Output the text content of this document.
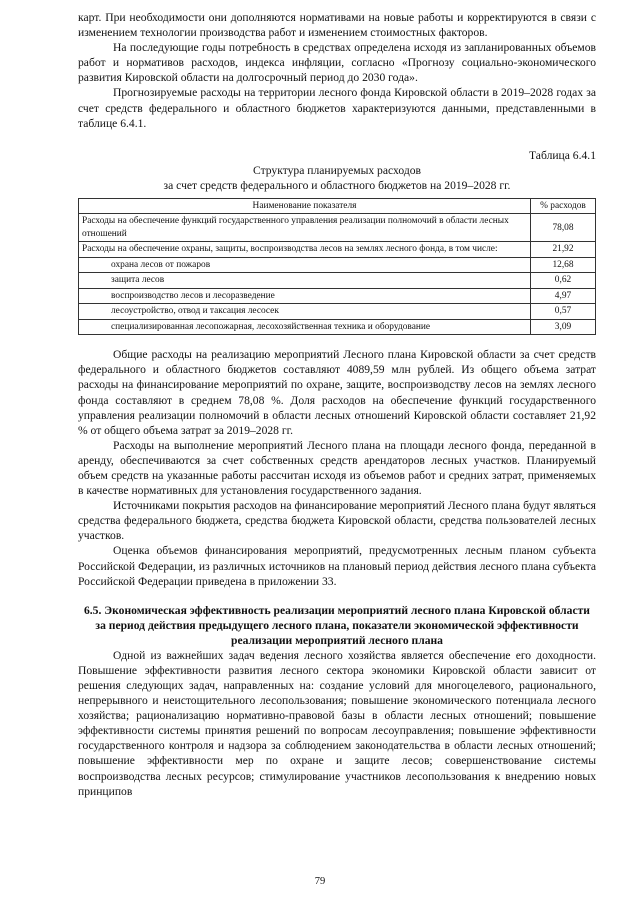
карт. При необходимости они дополняются нормативами на новые работы и корректируются в связи с изменением технологии производства работ и изменением стоимостных факторов.

На последующие годы потребность в средствах определена исходя из запланированных объемов работ и нормативов расходов, индекса инфляции, согласно «Прогнозу социально-экономического развития Кировской области на долгосрочный период до 2030 года».

Прогнозируемые расходы на территории лесного фонда Кировской области в 2019–2028 годах за счет средств федерального и областного бюджетов характеризуются данными, представленными в таблице 6.4.1.

Таблица 6.4.1
Структура планируемых расходов
за счет средств федерального и областного бюджетов на 2019–2028 гг.
Наименование показателя	% расходов
Расходы на обеспечение функций государственного управления реализации полномочий в области лесных отношений	78,08
Расходы на обеспечение охраны, защиты, воспроизводства лесов на землях лесного фонда, в том числе:	21,92
охрана лесов от пожаров	12,68
защита лесов	0,62
воспроизводство лесов и лесоразведение	4,97
лесоустройство, отвод и таксация лесосек	0,57
специализированная лесопожарная, лесохозяйственная техника и оборудование	3,09

Общие расходы на реализацию мероприятий Лесного плана Кировской области за счет средств федерального и областного бюджетов составляют 4089,59 млн рублей. Из общего объема затрат расходы на финансирование мероприятий по охране, защите, воспроизводству лесов на землях лесного фонда составляют в среднем 78,08 %. Доля расходов на обеспечение функций государственного управления реализации полномочий в области лесных отношений Кировской области составляет 21,92 % от общего объема затрат за 2019–2028 гг.

Расходы на выполнение мероприятий Лесного плана на площади лесного фонда, переданной в аренду, обеспечиваются за счет собственных средств арендаторов лесных участков. Планируемый объем средств на указанные работы рассчитан исходя из объемов работ и средних затрат, применяемых в качестве нормативных для установления государственного задания.

Источниками покрытия расходов на финансирование мероприятий Лесного плана будут являться средства федерального бюджета, средства бюджета Кировской области, средства пользователей лесных участков.

Оценка объемов финансирования мероприятий, предусмотренных лесным планом субъекта Российской Федерации, из различных источников на плановый период действия лесного плана субъекта Российской Федерации приведена в приложении 33.

6.5. Экономическая эффективность реализации мероприятий лесного плана Кировской области за период действия предыдущего лесного плана, показатели экономической эффективности реализации мероприятий лесного плана

Одной из важнейших задач ведения лесного хозяйства является обеспечение его доходности. Повышение эффективности развития лесного сектора экономики Кировской области зависит от решения следующих задач, направленных на: создание условий для многоцелевого, рационального, непрерывного и неистощительного лесопользования; повышение экономического потенциала лесного хозяйства; рационализацию нормативно-правовой базы в области лесных отношений; повышение эффективности системы принятия решений по вопросам лесоуправления; повышение эффективности государственного контроля и надзора за соблюдением законодательства в области лесных отношений; повышение эффективности мер по охране и защите лесов; совершенствование системы воспроизводства лесных ресурсов; стимулирование участников лесопользования к внедрению новых принципов

79
